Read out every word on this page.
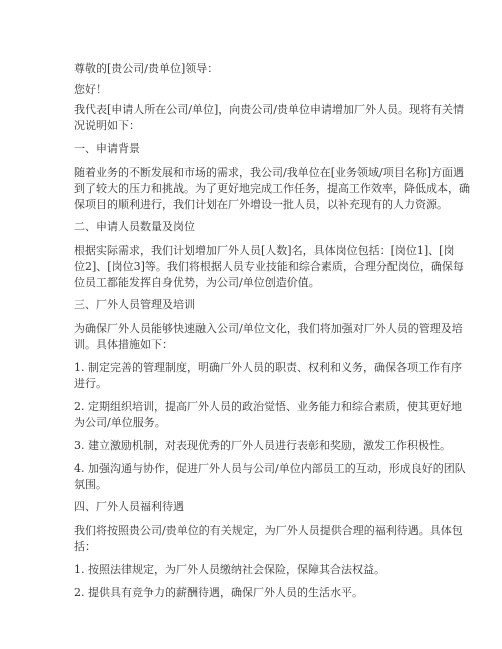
尊敬的[贵公司/贵单位]领导：
您好！
我代表[申请人所在公司/单位]，向贵公司/贵单位申请增加厂外人员。现将有关情
况说明如下：
一、申请背景
随着业务的不断发展和市场的需求，我公司/我单位在[业务领域/项目名称]方面遇
到了较大的压力和挑战。为了更好地完成工作任务，提高工作效率，降低成本，确
保项目的顺利进行，我们计划在厂外增设一批人员，以补充现有的人力资源。
二、申请人员数量及岗位
根据实际需求，我们计划增加厂外人员[人数]名，具体岗位包括：[岗位1]、[岗
位2]、[岗位3]等。我们将根据人员专业技能和综合素质，合理分配岗位，确保每
位员工都能发挥自身优势，为公司/单位创造价值。
三、厂外人员管理及培训
为确保厂外人员能够快速融入公司/单位文化，我们将加强对厂外人员的管理及培
训。具体措施如下：
1. 制定完善的管理制度，明确厂外人员的职责、权利和义务，确保各项工作有序
进行。
2. 定期组织培训，提高厂外人员的政治觉悟、业务能力和综合素质，使其更好地
为公司/单位服务。
3. 建立激励机制，对表现优秀的厂外人员进行表彰和奖励，激发工作积极性。
4. 加强沟通与协作，促进厂外人员与公司/单位内部员工的互动，形成良好的团队
氛围。
四、厂外人员福利待遇
我们将按照贵公司/贵单位的有关规定，为厂外人员提供合理的福利待遇。具体包
括：
1. 按照法律规定，为厂外人员缴纳社会保险，保障其合法权益。
2. 提供具有竞争力的薪酬待遇，确保厂外人员的生活水平。
